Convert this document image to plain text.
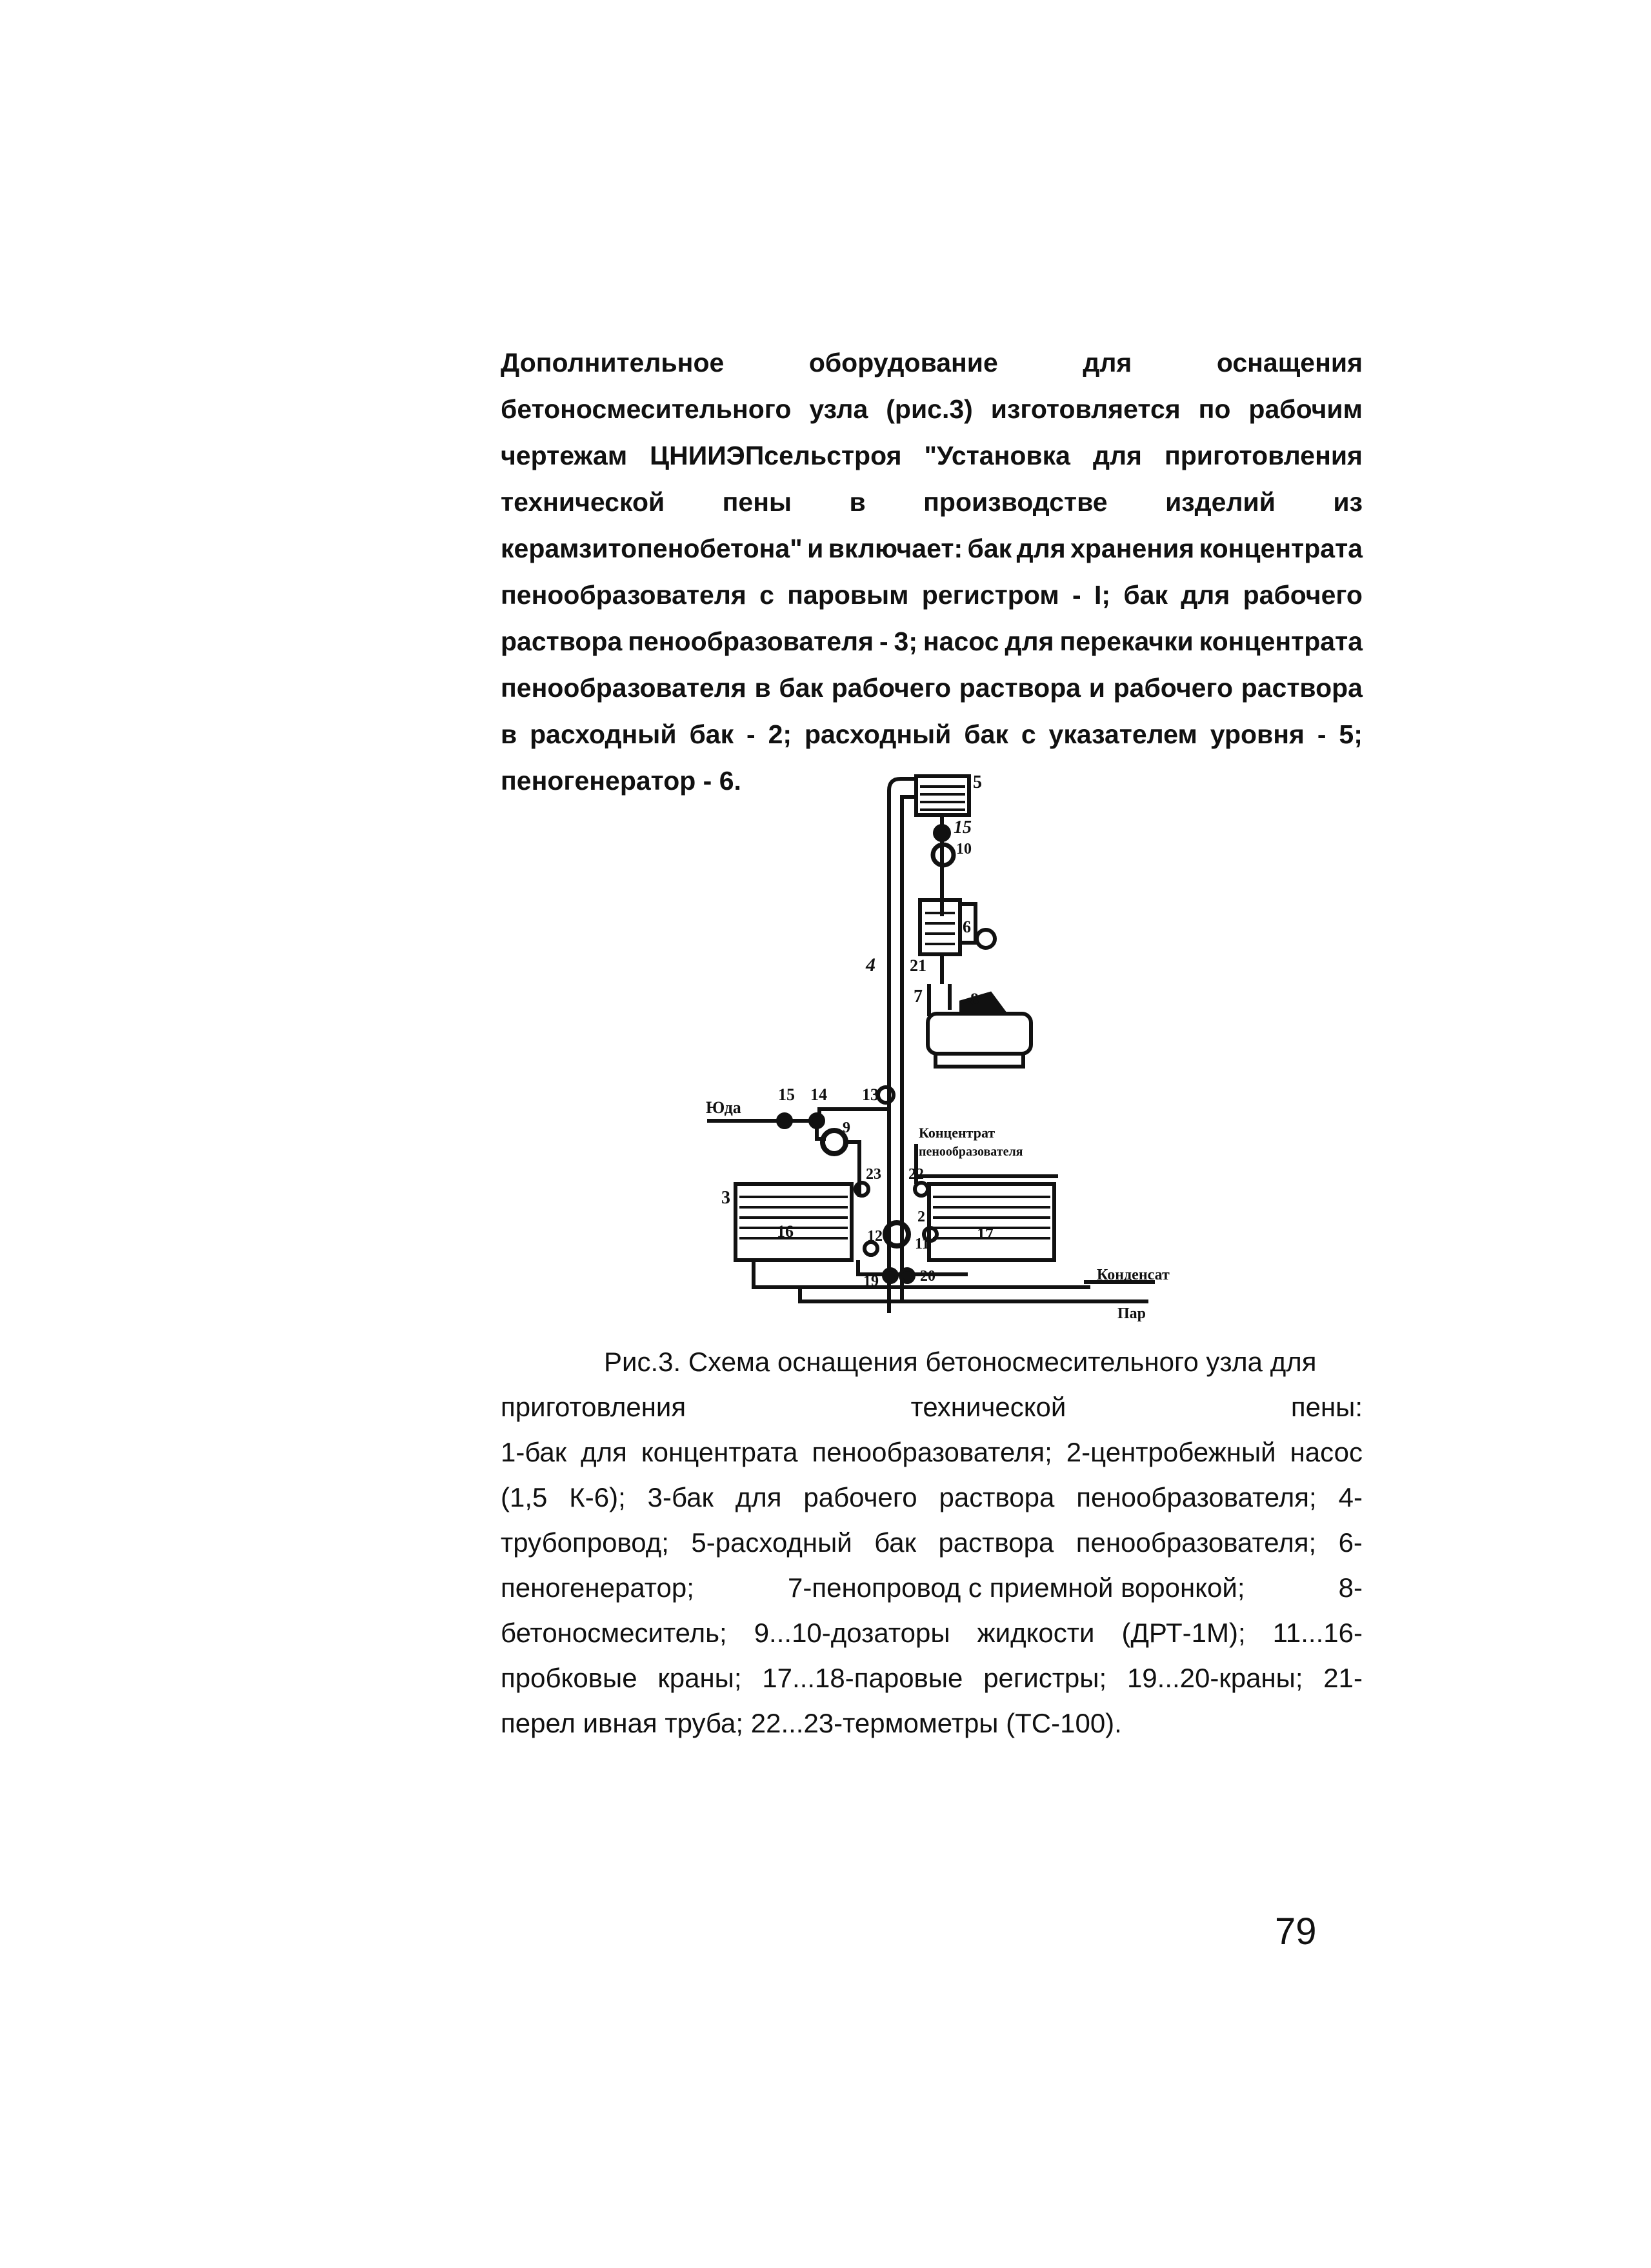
Дополнительное	оборудование	для	оснащения
бетоносмесительного узла (рис.3) изготовляется по рабочим
чертежам ЦНИИЭПсельстроя "Установка для приготовления
технической пены в производстве изделий из
керамзитопенобетона" и включает: бак для хранения концентрата
пенообразователя с паровым регистром - I; бак для рабочего
раствора пенообразователя - 3; насос для перекачки концентрата
пенообразователя в бак рабочего раствора и рабочего раствора
в расходный бак - 2; расходный бак с указателем уровня - 5;
пеногенератор - 6.	5
15
10
6
4 21
7	8
Юда
15 14 13
9	Концентрат
пенообразователя
23 22
3
2
12 11
16	17
19	20	Конденсат
Пар
Рис.3. Схема оснащения бетоносмесительного узла для
приготовления	технической	пены:
1-бак для концентрата пенообразователя; 2-центробежный насос
(1,5 К-6); 3-бак для рабочего раствора пенообразователя; 4-
трубопровод; 5-расходный бак раствора пенообразователя; 6-
пеногенератор;	7-пенопровод с приемной воронкой;	8-
бетоносмеситель; 9...10-дозаторы жидкости (ДРТ-1М); 11...16-
пробковые краны; 17...18-паровые регистры; 19...20-краны; 21-
перел ивная труба; 22...23-термометры (ТС-100).
79
